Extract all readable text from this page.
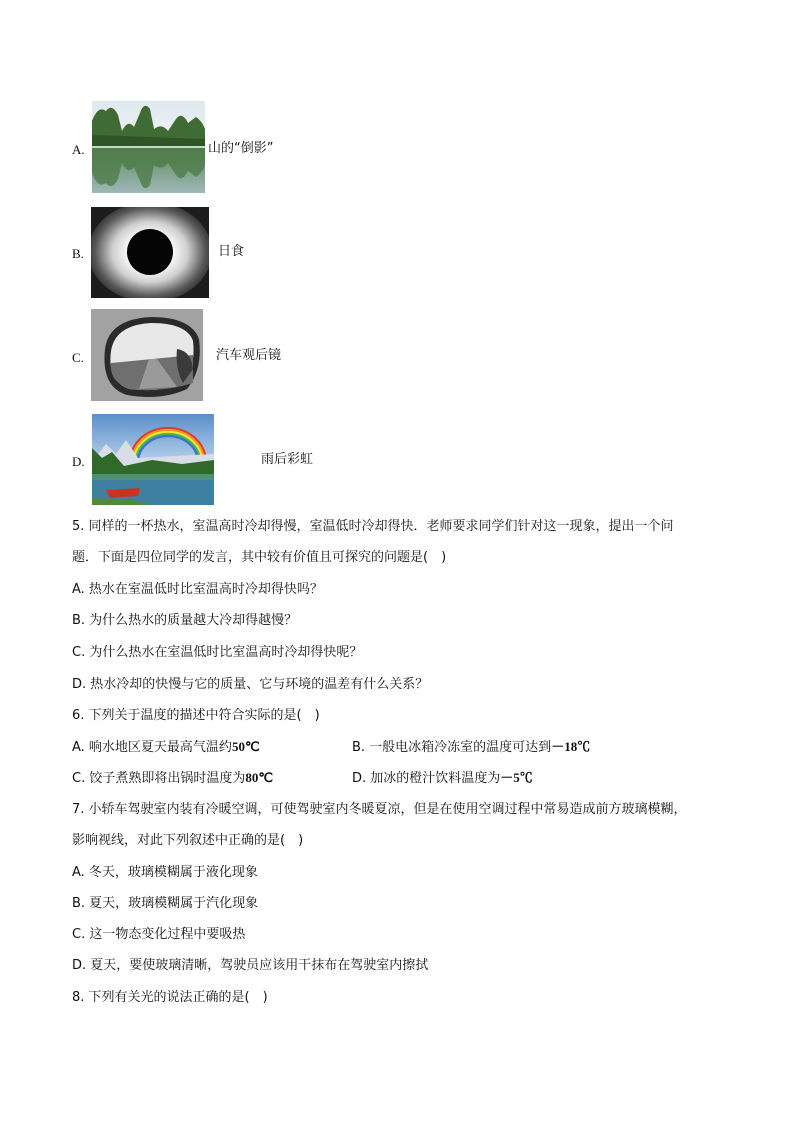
A.	山的“倒影”
B.	日食
C.	汽车观后镜
D.	雨后彩虹
5. 同样的一杯热水，室温高时冷却得慢，室温低时冷却得快．老师要求同学们针对这一现象，提出一个问
题．下面是四位同学的发言，其中较有价值且可探究的问题是(　)
A. 热水在室温低时比室温高时冷却得快吗？
B. 为什么热水的质量越大冷却得越慢？
C. 为什么热水在室温低时比室温高时冷却得快呢？
D. 热水冷却的快慢与它的质量、它与环境的温差有什么关系？
6. 下列关于温度的描述中符合实际的是(　)
A. 响水地区夏天最高气温约50℃	B. 一般电冰箱冷冻室的温度可达到－18℃
C. 饺子煮熟即将出锅时温度为80℃	D. 加冰的橙汁饮料温度为－5℃
7. 小轿车驾驶室内装有冷暖空调，可使驾驶室内冬暖夏凉，但是在使用空调过程中常易造成前方玻璃模糊，
影响视线，对此下列叙述中正确的是(　)
A. 冬天，玻璃模糊属于液化现象
B. 夏天，玻璃模糊属于汽化现象
C. 这一物态变化过程中要吸热
D. 夏天，要使玻璃清晰，驾驶员应该用干抹布在驾驶室内擦拭
8. 下列有关光的说法正确的是(　)
